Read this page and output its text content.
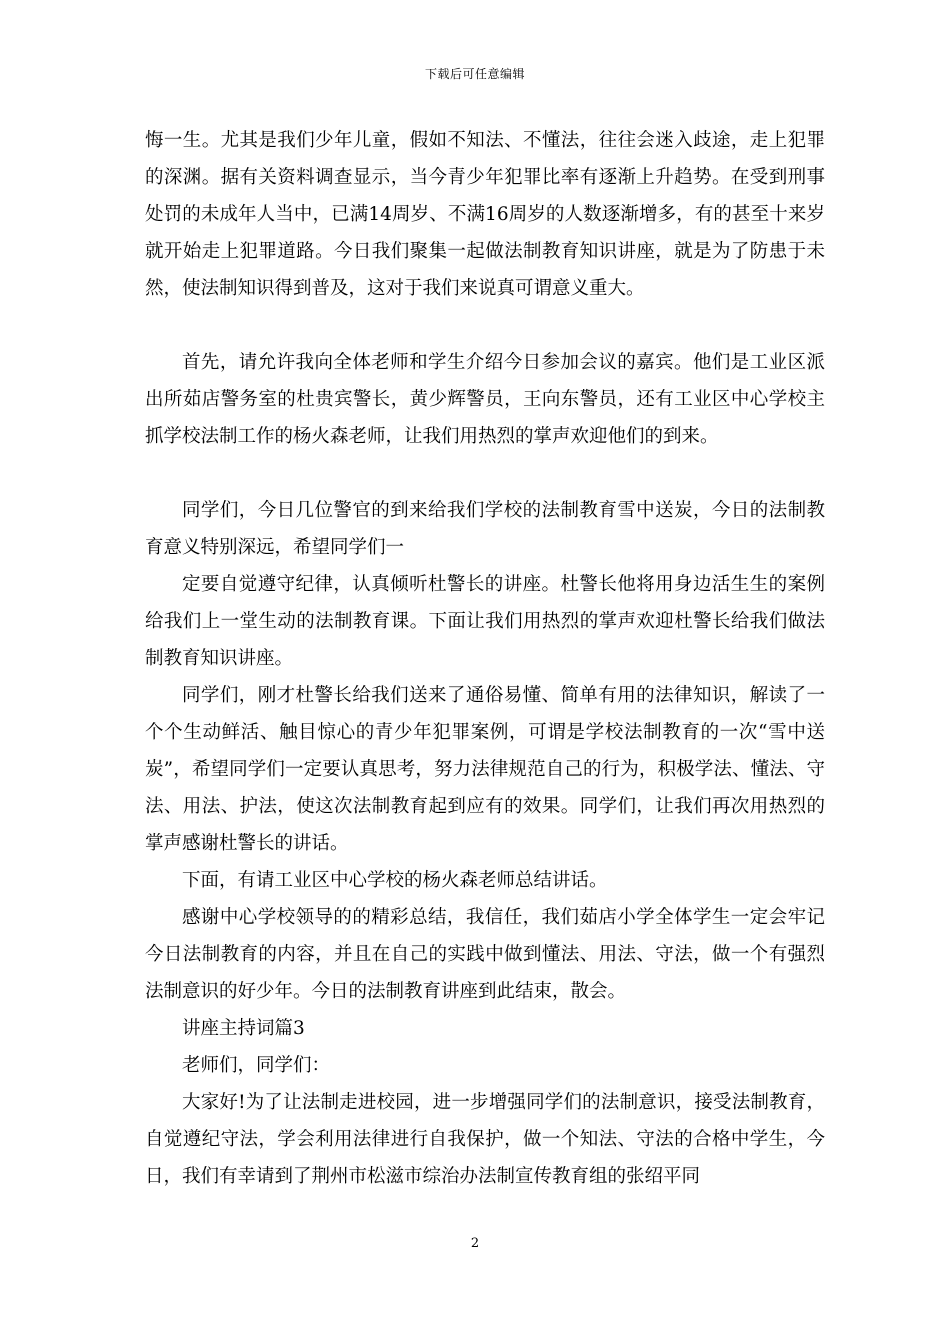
下载后可任意编辑

悔一生。尤其是我们少年儿童，假如不知法、不懂法，往往会迷入歧途，走上犯罪的深渊。据有关资料调查显示，当今青少年犯罪比率有逐渐上升趋势。在受到刑事处罚的未成年人当中，已满14周岁、不满16周岁的人数逐渐增多，有的甚至十来岁就开始走上犯罪道路。今日我们聚集一起做法制教育知识讲座，就是为了防患于未然，使法制知识得到普及，这对于我们来说真可谓意义重大。

首先，请允许我向全体老师和学生介绍今日参加会议的嘉宾。他们是工业区派出所茹店警务室的杜贵宾警长，黄少辉警员，王向东警员，还有工业区中心学校主抓学校法制工作的杨火森老师，让我们用热烈的掌声欢迎他们的到来。

同学们，今日几位警官的到来给我们学校的法制教育雪中送炭，今日的法制教育意义特别深远，希望同学们一

定要自觉遵守纪律，认真倾听杜警长的讲座。杜警长他将用身边活生生的案例给我们上一堂生动的法制教育课。下面让我们用热烈的掌声欢迎杜警长给我们做法制教育知识讲座。

同学们，刚才杜警长给我们送来了通俗易懂、简单有用的法律知识，解读了一个个生动鲜活、触目惊心的青少年犯罪案例，可谓是学校法制教育的一次“雪中送炭”，希望同学们一定要认真思考，努力法律规范自己的行为，积极学法、懂法、守法、用法、护法，使这次法制教育起到应有的效果。同学们，让我们再次用热烈的掌声感谢杜警长的讲话。

下面，有请工业区中心学校的杨火森老师总结讲话。

感谢中心学校领导的的精彩总结，我信任，我们茹店小学全体学生一定会牢记今日法制教育的内容，并且在自己的实践中做到懂法、用法、守法，做一个有强烈法制意识的好少年。今日的法制教育讲座到此结束，散会。

讲座主持词篇3

老师们，同学们：

大家好!为了让法制走进校园，进一步增强同学们的法制意识，接受法制教育，自觉遵纪守法，学会利用法律进行自我保护，做一个知法、守法的合格中学生，今日，我们有幸请到了荆州市松滋市综治办法制宣传教育组的张绍平同

2
